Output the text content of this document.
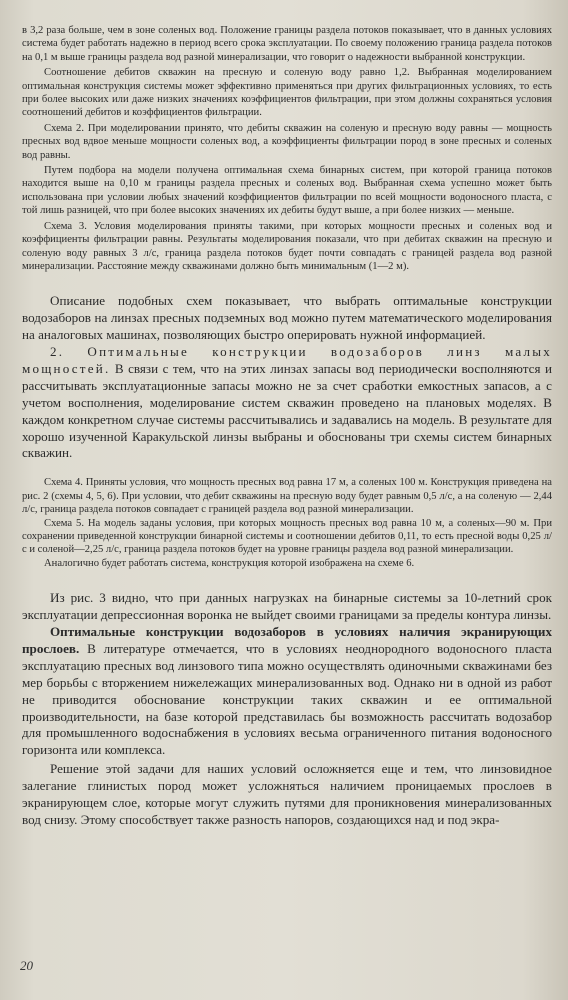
в 3,2 раза больше, чем в зоне соленых вод. Положение границы раздела потоков показывает, что в данных условиях система будет работать надежно в период всего срока эксплуатации. По своему положению граница раздела потоков на 0,1 м выше границы раздела вод разной минерализации, что говорит о надежности выбранной конструкции.

Соотношение дебитов скважин на пресную и соленую воду равно 1,2. Выбранная моделированием оптимальная конструкция системы может эффективно применяться при других фильтрационных условиях, то есть при более высоких или даже низких значениях коэффициентов фильтрации, при этом должны сохраняться условия соотношений дебитов и коэффициентов фильтрации.

Схема 2. При моделировании принято, что дебиты скважин на соленую и пресную воду равны — мощность пресных вод вдвое меньше мощности соленых вод, а коэффициенты фильтрации пород в зоне пресных и соленых вод равны.

Путем подбора на модели получена оптимальная схема бинарных систем, при которой граница потоков находится выше на 0,10 м границы раздела пресных и соленых вод. Выбранная схема успешно может быть использована при условии любых значений коэффициентов фильтрации по всей мощности водоносного пласта, с той лишь разницей, что при более высоких значениях их дебиты будут выше, а при более низких — меньше.

Схема 3. Условия моделирования приняты такими, при которых мощности пресных и соленых вод и коэффициенты фильтрации равны. Результаты моделирования показали, что при дебитах скважин на пресную и соленую воду равных 3 л/с, граница раздела потоков будет почти совпадать с границей раздела вод разной минерализации. Расстояние между скважинами должно быть минимальным (1—2 м).

Описание подобных схем показывает, что выбрать оптимальные конструкции водозаборов на линзах пресных подземных вод можно путем математического моделирования на аналоговых машинах, позволяющих быстро оперировать нужной информацией.

2. Оптимальные конструкции водозаборов линз малых мощностей. В связи с тем, что на этих линзах запасы вод периодически восполняются и рассчитывать эксплуатационные запасы можно не за счет сработки емкостных запасов, а с учетом восполнения, моделирование систем скважин проведено на плановых моделях. В каждом конкретном случае системы рассчитывались и задавались на модель. В результате для хорошо изученной Каракульской линзы выбраны и обоснованы три схемы систем бинарных скважин.

Схема 4. Приняты условия, что мощность пресных вод равна 17 м, а соленых 100 м. Конструкция приведена на рис. 2 (схемы 4, 5, 6). При условии, что дебит скважины на пресную воду будет равным 0,5 л/с, а на соленую — 2,44 л/с, граница раздела потоков совпадает с границей раздела вод разной минерализации.

Схема 5. На модель заданы условия, при которых мощность пресных вод равна 10 м, а соленых—90 м. При сохранении приведенной конструкции бинарной системы и соотношении дебитов 0,11, то есть пресной воды 0,25 л/с и соленой—2,25 л/с, граница раздела потоков будет на уровне границы раздела вод разной минерализации.

Аналогично будет работать система, конструкция которой изображена на схеме 6.

Из рис. 3 видно, что при данных нагрузках на бинарные системы за 10-летний срок эксплуатации депрессионная воронка не выйдет своими границами за пределы контура линзы.

Оптимальные конструкции водозаборов в условиях наличия экранирующих прослоев. В литературе отмечается, что в условиях неоднородного водоносного пласта эксплуатацию пресных вод линзового типа можно осуществлять одиночными скважинами без мер борьбы с вторжением нижележащих минерализованных вод. Однако ни в одной из работ не приводится обоснование конструкции таких скважин и ее оптимальной производительности, на базе которой представилась бы возможность рассчитать водозабор для промышленного водоснабжения в условиях весьма ограниченного питания водоносного горизонта или комплекса.

Решение этой задачи для наших условий осложняется еще и тем, что линзовидное залегание глинистых пород может усложняться наличием проницаемых прослоев в экранирующем слое, которые могут служить путями для проникновения минерализованных вод снизу. Этому способствует также разность напоров, создающихся над и под экра-

20
